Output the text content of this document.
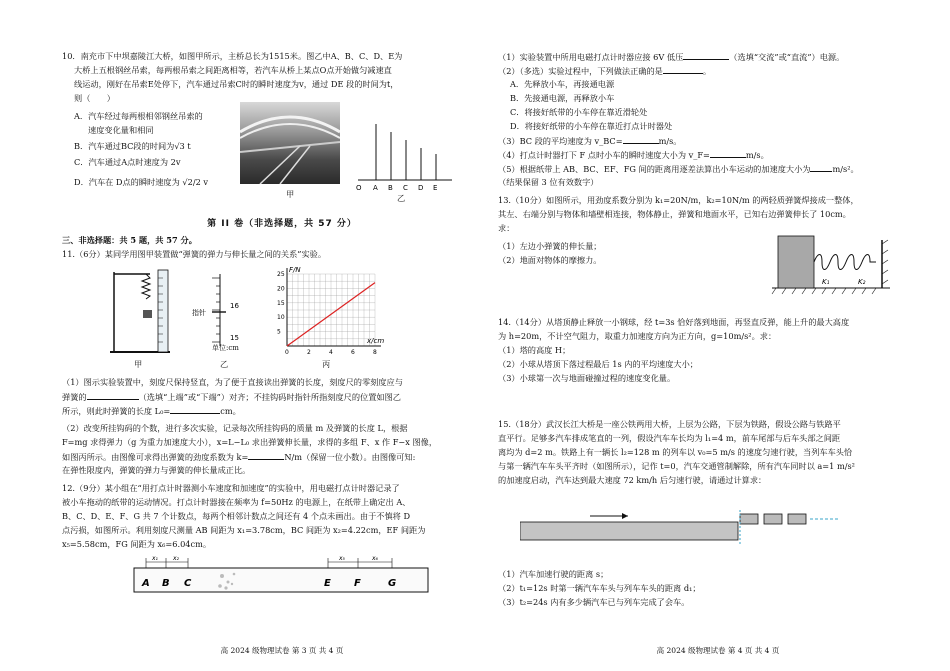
10．南充市下中坝嘉陵江大桥，如图甲所示，主桥总长为1515米。图乙中A、B、C、D、E为
大桥上五根钢丝吊索，每两根吊索之间距离相等，若汽车从桥上某点O点开始做匀减速直
线运动，刚好在吊索E处停下，汽车通过吊索C时的瞬时速度为v，通过 DE 段的时间为t，
则（　　）
A．汽车经过每两根相邻钢丝吊索的
速度变化量和相同
B．汽车通过BC段的时间为√3 t
C．汽车通过A点时速度为 2v
D．汽车在 D点的瞬时速度为 √2/2 v
甲
O A B C D E
乙
第 II 卷（非选择题，共 57 分）
三、非选择题：共 5 题，共 57 分。
11.（6分）某同学用图甲装置做“弹簧的弹力与伸长量之间的关系”实验。
甲
指针
16
15
单位:cm
乙
0	2	4	6	8
5
10
15
20
25
F/N
x/cm
丙
（1）图示实验装置中，刻度尺保持竖直，为了便于直接读出弹簧的长度，刻度尺的零刻度应与
弹簧的	（选填“上端”或“下端”）对齐；不挂钩码时指针所指刻度尺的位置如图乙
所示，则此时弹簧的长度 L₀=	cm。
（2）改变所挂钩码的个数，进行多次实验，记录每次所挂钩码的质量 m 及弹簧的长度 L，根据
F=mg 求得弹力（g 为重力加速度大小），x=L−L₀ 求出弹簧伸长量，求得的多组 F、x 作 F−x 图像，
如图丙所示。由图像可求得出弹簧的劲度系数为 k=	N/m（保留一位小数）。由图像可知:
在弹性限度内，弹簧的弹力与弹簧的伸长量成正比。
12.（9分）某小组在“用打点计时器测小车速度和加速度”的实验中，用电磁打点计时器记录了
被小车拖动的纸带的运动情况。打点计时器接在频率为 f=50Hz 的电源上，在纸带上确定出 A、
B、C、D、E、F、G 共 7 个计数点，每两个相邻计数点之间还有 4 个点未画出。由于不慎将 D
点污损，如图所示。利用刻度尺测量 AB 间距为 x₁=3.78cm，BC 间距为 x₂=4.22cm，EF 间距为
x₅=5.58cm，FG 间距为 x₆=6.04cm。
x₁	x₂	x₅	x₆
A B C	E F	G
高 2024 级物理试卷 第 3 页 共 4 页
（1）实验装置中所用电磁打点计时器应接 6V 低压	（选填“交流”或“直流”）电源。
（2）（多选）实验过程中，下列做法正确的是	。
A．先释放小车，再接通电源
B．先接通电源，再释放小车
C．将接好纸带的小车停在靠近滑轮处
D．将接好纸带的小车停在靠近打点计时器处
（3）BC 段的平均速度为 v_BC=	m/s。
（4）打点计时器打下 F 点时小车的瞬时速度大小为 v_F=	m/s。
（5）根据纸带上 AB、BC、EF、FG 间的距离用逐差法算出小车运动的加速度大小为	m/s²。
（结果保留 3 位有效数字）
13.（10分）如图所示，用劲度系数分别为 k₁=20N/m，k₂=10N/m 的两轻质弹簧焊接成一整体，
其左、右端分别与物体和墙壁相连接，物体静止，弹簧和地面水平，已知右边弹簧伸长了 10cm。
求：
（1）左边小弹簧的伸长量；
（2）地面对物体的摩擦力。
K₁	K₂
14.（14分）从塔顶静止释放一小钢球，经 t=3s 恰好落到地面，再竖直反弹，能上升的最大高度
为 h=20m，不计空气阻力，取重力加速度方向为正方向，g=10m/s²。求：
（1）塔的高度 H；
（2）小球从塔顶下落过程最后 1s 内的平均速度大小；
（3）小球第一次与地面碰撞过程的速度变化量。
15.（18分）武汉长江大桥是一座公铁两用大桥，上层为公路，下层为铁路，假设公路与铁路平
直平行。足够多汽车排成笔直的一列，假设汽车车长均为 l₁=4 m，前车尾部与后车头部之间距
离均为 d=2 m。铁路上有一辆长 l₂=128 m 的列车以 v₀=5 m/s 的速度匀速行驶，当列车车头恰
与第一辆汽车车头平齐时（如图所示），记作 t=0，汽车交通管制解除，所有汽车同时以 a=1 m/s²
的加速度启动，汽车达到最大速度 72 km/h 后匀速行驶，请通过计算求：
（1）汽车加速行驶的距离 s；
（2）t₁=12s 时第一辆汽车车头与列车车头的距离 d₁；
（3）t₂=24s 内有多少辆汽车已与列车完成了会车。
高 2024 级物理试卷 第 4 页 共 4 页
